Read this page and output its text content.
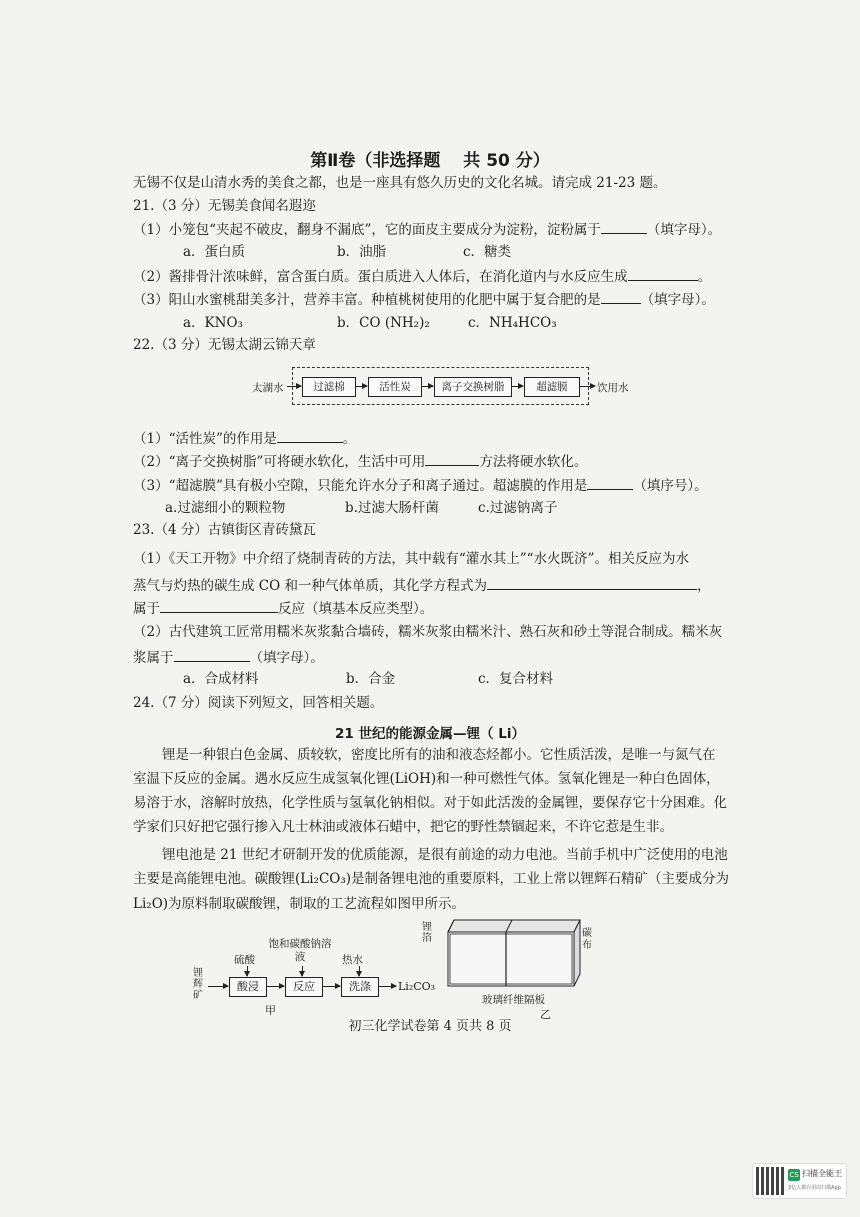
第Ⅱ卷（非选择题　 共 50 分）
无锡不仅是山清水秀的美食之都，也是一座具有悠久历史的文化名城。请完成 21-23 题。
21.（3 分）无锡美食闻名遐迩
（1）小笼包“夹起不破皮，翻身不漏底”，它的面皮主要成分为淀粉，淀粉属于	（填字母）。
a．蛋白质	b．油脂	c．糖类
（2）酱排骨汁浓味鲜，富含蛋白质。蛋白质进入人体后，在消化道内与水反应生成	。
（3）阳山水蜜桃甜美多汁，营养丰富。种植桃树使用的化肥中属于复合肥的是	（填字母）。
a．KNO₃	b．CO (NH₂)₂	c．NH₄HCO₃
22.（3 分）无锡太湖云锦天章
太湖水	过滤棉	活性炭	离子交换树脂	超滤膜	饮用水
（1）“活性炭”的作用是	。
（2）“离子交换树脂”可将硬水软化，生活中可用	方法将硬水软化。
（3）“超滤膜”具有极小空隙，只能允许水分子和离子通过。超滤膜的作用是	（填序号）。
a.过滤细小的颗粒物	b.过滤大肠杆菌	c.过滤钠离子
23.（4 分）古镇街区青砖黛瓦
（1）《天工开物》中介绍了烧制青砖的方法，其中载有“灌水其上”“水火既济”。相关反应为水
蒸气与灼热的碳生成 CO 和一种气体单质，其化学方程式为	，
属于	反应（填基本反应类型）。
（2）古代建筑工匠常用糯米灰浆黏合墙砖，糯米灰浆由糯米汁、熟石灰和砂土等混合制成。糯米灰
浆属于	（填字母）。
a．合成材料	b．合金	c．复合材料
24.（7 分）阅读下列短文，回答相关题。
21 世纪的能源金属—锂（ Li）
锂是一种银白色金属、质较软，密度比所有的油和液态烃都小。它性质活泼，是唯一与氮气在
室温下反应的金属。遇水反应生成氢氧化锂(LiOH)和一种可燃性气体。氢氧化锂是一种白色固体，
易溶于水，溶解时放热，化学性质与氢氧化钠相似。对于如此活泼的金属锂，要保存它十分困难。化
学家们只好把它强行掺入凡士林油或液体石蜡中，把它的野性禁锢起来，不许它惹是生非。
锂电池是 21 世纪才研制开发的优质能源，是很有前途的动力电池。当前手机中广泛使用的电池
主要是高能锂电池。碳酸锂(Li₂CO₃)是制备锂电池的重要原料，工业上常以锂辉石精矿（主要成分为
Li₂O)为原料制取碳酸锂，制取的工艺流程如图甲所示。
锂辉矿
酸浸	反应	洗涤	Li₂CO₃
硫酸
饱和碳酸钠溶液	热水
甲
锂箔	碳布
玻璃纤维隔板
乙
初三化学试卷第 4 页共 8 页
CS 扫描全能王
3亿人都在用的扫描App
